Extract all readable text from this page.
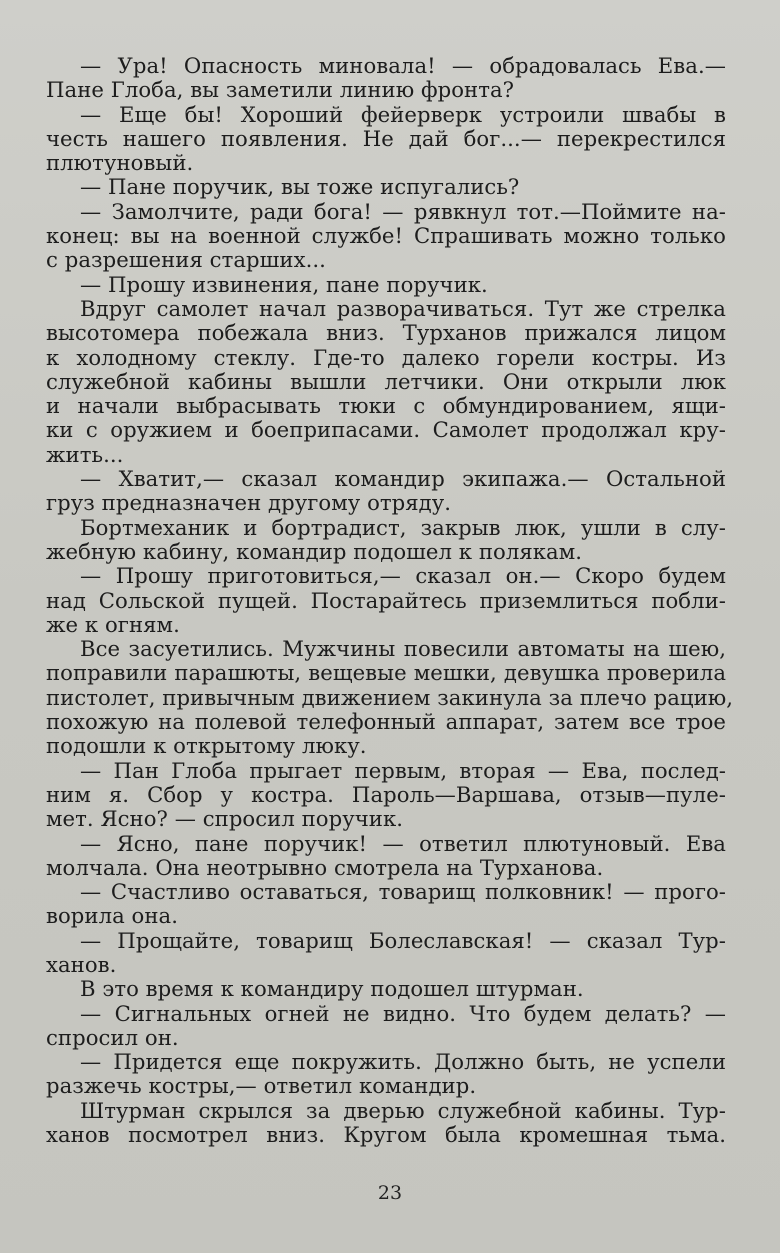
— Ура! Опасность миновала! — обрадовалась Ева.—
Пане Глоба, вы заметили линию фронта?
— Еще бы! Хороший фейерверк устроили швабы в
честь нашего появления. Не дай бог...— перекрестился
плютуновый.
— Пане поручик, вы тоже испугались?
— Замолчите, ради бога! — рявкнул тот.—Поймите на-
конец: вы на военной службе! Спрашивать можно только
с разрешения старших...
— Прошу извинения, пане поручик.
Вдруг самолет начал разворачиваться. Тут же стрелка
высотомера побежала вниз. Турханов прижался лицом
к холодному стеклу. Где-то далеко горели костры. Из
служебной кабины вышли летчики. Они открыли люк
и начали выбрасывать тюки с обмундированием, ящи-
ки с оружием и боеприпасами. Самолет продолжал кру-
жить...
— Хватит,— сказал командир экипажа.— Остальной
груз предназначен другому отряду.
Бортмеханик и бортрадист, закрыв люк, ушли в слу-
жебную кабину, командир подошел к полякам.
— Прошу приготовиться,— сказал он.— Скоро будем
над Сольской пущей. Постарайтесь приземлиться побли-
же к огням.
Все засуетились. Мужчины повесили автоматы на шею,
поправили парашюты, вещевые мешки, девушка проверила
пистолет, привычным движением закинула за плечо рацию,
похожую на полевой телефонный аппарат, затем все трое
подошли к открытому люку.
— Пан Глоба прыгает первым, вторая — Ева, послед-
ним я. Сбор у костра. Пароль—Варшава, отзыв—пуле-
мет. Ясно? — спросил поручик.
— Ясно, пане поручик! — ответил плютуновый. Ева
молчала. Она неотрывно смотрела на Турханова.
— Счастливо оставаться, товарищ полковник! — прого-
ворила она.
— Прощайте, товарищ Болеславская! — сказал Тур-
ханов.
В это время к командиру подошел штурман.
— Сигнальных огней не видно. Что будем делать? —
спросил он.
— Придется еще покружить. Должно быть, не успели
разжечь костры,— ответил командир.
Штурман скрылся за дверью служебной кабины. Тур-
ханов посмотрел вниз. Кругом была кромешная тьма.
23
